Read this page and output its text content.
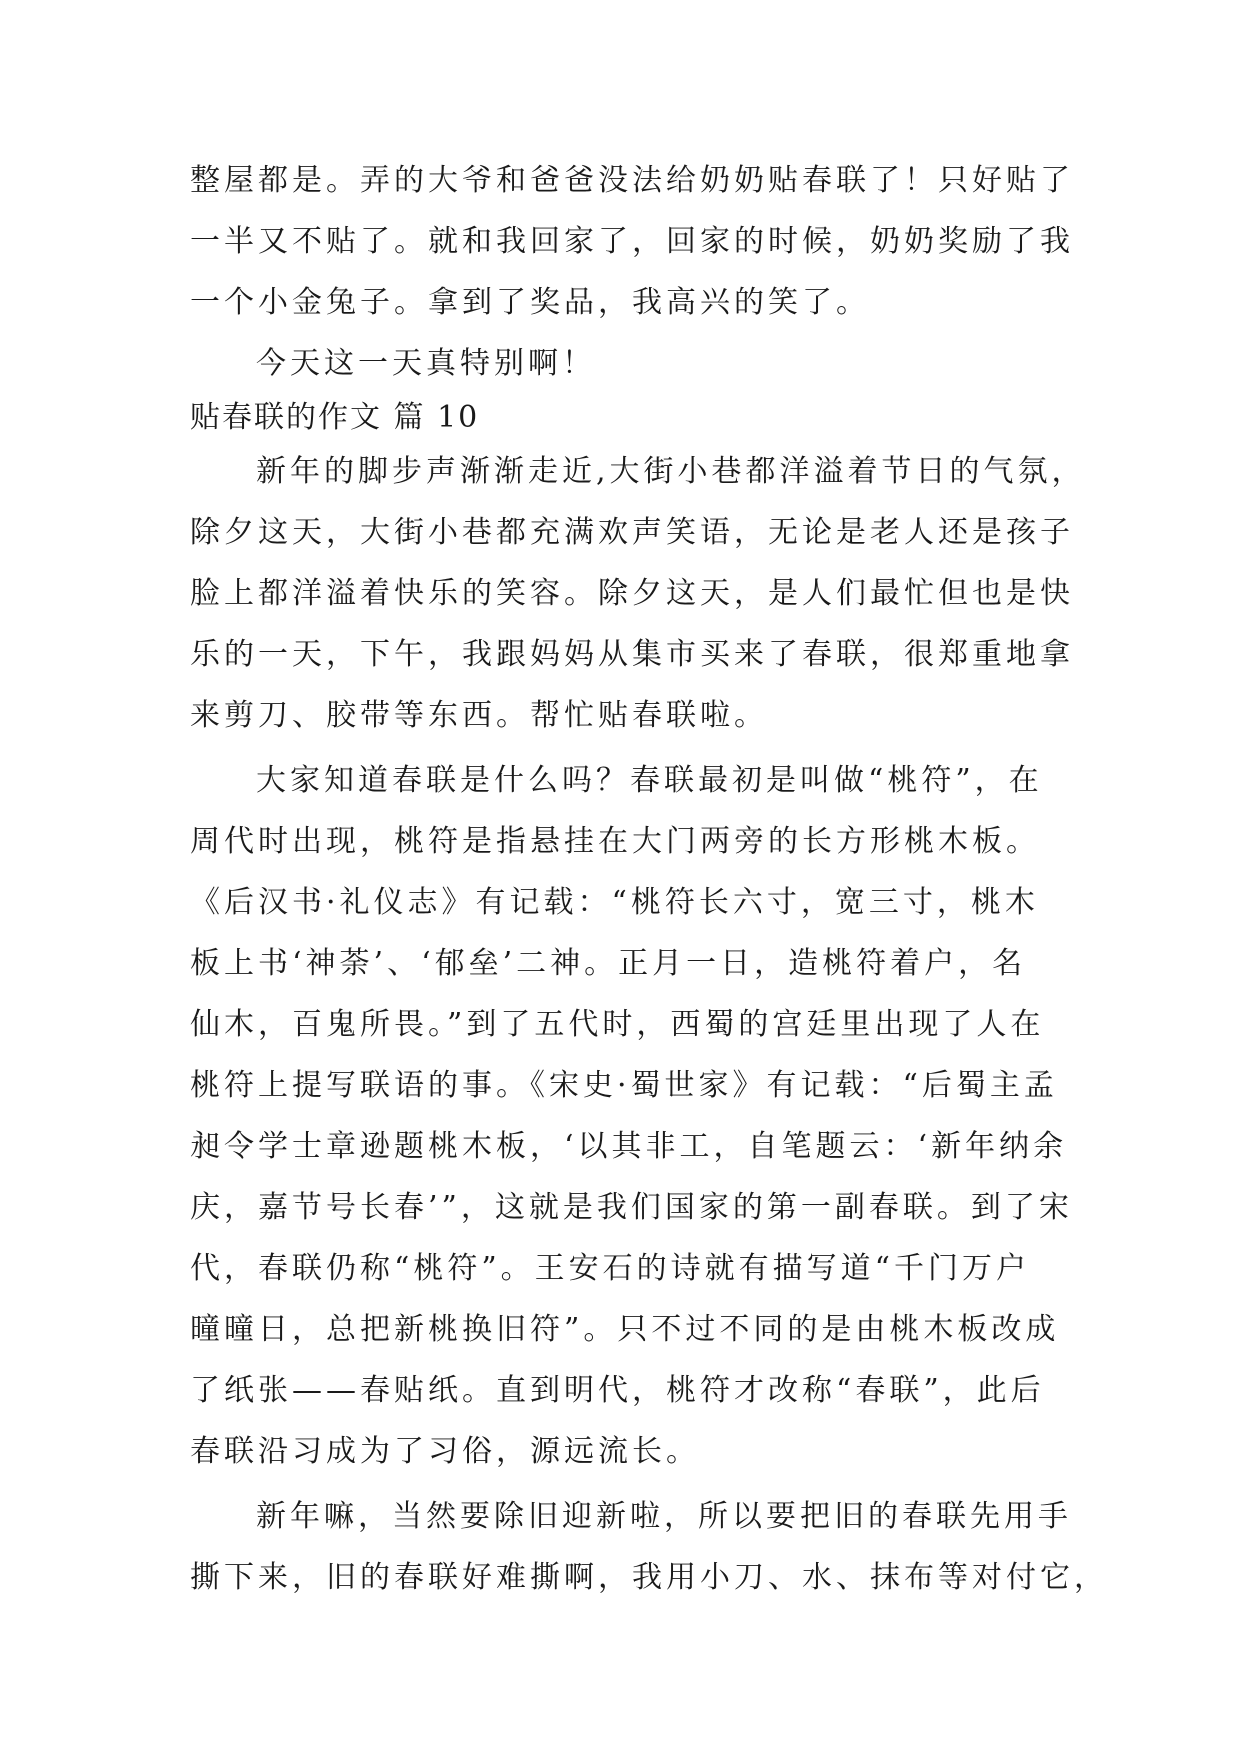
整屋都是。弄的大爷和爸爸没法给奶奶贴春联了！只好贴了
一半又不贴了。就和我回家了，回家的时候，奶奶奖励了我
一个小金兔子。拿到了奖品，我高兴的笑了。
今天这一天真特别啊！
贴春联的作文 篇 10
新年的脚步声渐渐走近,大街小巷都洋溢着节日的气氛，
除夕这天，大街小巷都充满欢声笑语，无论是老人还是孩子
脸上都洋溢着快乐的笑容。除夕这天，是人们最忙但也是快
乐的一天，下午，我跟妈妈从集市买来了春联，很郑重地拿
来剪刀、胶带等东西。帮忙贴春联啦。
大家知道春联是什么吗？春联最初是叫做“桃符”，在
周代时出现，桃符是指悬挂在大门两旁的长方形桃木板。
《后汉书·礼仪志》有记载：“桃符长六寸，宽三寸，桃木
板上书‘神荼’、‘郁垒’二神。正月一日，造桃符着户，名
仙木，百鬼所畏。”到了五代时，西蜀的宫廷里出现了人在
桃符上提写联语的事。《宋史·蜀世家》有记载：“后蜀主孟
昶令学士章逊题桃木板，‘以其非工，自笔题云：‘新年纳余
庆，嘉节号长春’”，这就是我们国家的第一副春联。到了宋
代，春联仍称“桃符”。王安石的诗就有描写道“千门万户
曈曈日，总把新桃换旧符”。只不过不同的是由桃木板改成
了纸张——春贴纸。直到明代，桃符才改称“春联”，此后
春联沿习成为了习俗，源远流长。
新年嘛，当然要除旧迎新啦，所以要把旧的春联先用手
撕下来，旧的春联好难撕啊，我用小刀、水、抹布等对付它，
